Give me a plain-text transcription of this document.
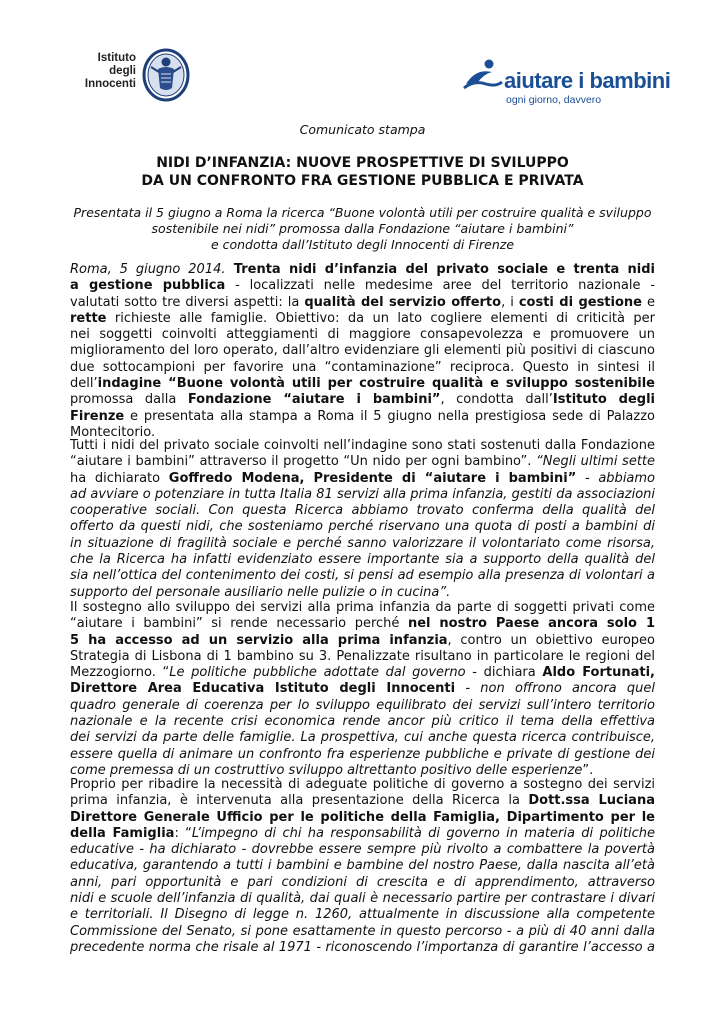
Istituto
degli
Innocenti	aiutare i bambini
ogni giorno, davvero
Comunicato stampa
NIDI D’INFANZIA: NUOVE PROSPETTIVE DI SVILUPPO
DA UN CONFRONTO FRA GESTIONE PUBBLICA E PRIVATA
Presentata il 5 giugno a Roma la ricerca “Buone volontà utili per costruire qualità e sviluppo
sostenibile nei nidi” promossa dalla Fondazione “aiutare i bambini”
e condotta dall’Istituto degli Innocenti di Firenze
Roma, 5 giugno 2014. Trenta nidi d’infanzia del privato sociale e trenta nidi
a gestione pubblica - localizzati nelle medesime aree del territorio nazionale -
valutati sotto tre diversi aspetti: la qualità del servizio offerto, i costi di gestione e
rette richieste alle famiglie. Obiettivo: da un lato cogliere elementi di criticità per
nei soggetti coinvolti atteggiamenti di maggiore consapevolezza e promuovere un
miglioramento del loro operato, dall’altro evidenziare gli elementi più positivi di ciascuno
due sottocampioni per favorire una “contaminazione” reciproca. Questo in sintesi il
dell’indagine “Buone volontà utili per costruire qualità e sviluppo sostenibile
promossa dalla Fondazione “aiutare i bambini”, condotta dall’Istituto degli
Firenze e presentata alla stampa a Roma il 5 giugno nella prestigiosa sede di Palazzo
Montecitorio.
Tutti i nidi del privato sociale coinvolti nell’indagine sono stati sostenuti dalla Fondazione
“aiutare i bambini” attraverso il progetto “Un nido per ogni bambino”. “Negli ultimi sette
ha dichiarato Goffredo Modena, Presidente di “aiutare i bambini” - abbiamo
ad avviare o potenziare in tutta Italia 81 servizi alla prima infanzia, gestiti da associazioni
cooperative sociali. Con questa Ricerca abbiamo trovato conferma della qualità del
offerto da questi nidi, che sosteniamo perché riservano una quota di posti a bambini di
in situazione di fragilità sociale e perché sanno valorizzare il volontariato come risorsa,
che la Ricerca ha infatti evidenziato essere importante sia a supporto della qualità del
sia nell’ottica del contenimento dei costi, si pensi ad esempio alla presenza di volontari a
supporto del personale ausiliario nelle pulizie o in cucina”.
Il sostegno allo sviluppo dei servizi alla prima infanzia da parte di soggetti privati come
“aiutare i bambini” si rende necessario perché nel nostro Paese ancora solo 1
5 ha accesso ad un servizio alla prima infanzia, contro un obiettivo europeo
Strategia di Lisbona di 1 bambino su 3. Penalizzate risultano in particolare le regioni del
Mezzogiorno. “Le politiche pubbliche adottate dal governo - dichiara Aldo Fortunati,
Direttore Area Educativa Istituto degli Innocenti - non offrono ancora quel
quadro generale di coerenza per lo sviluppo equilibrato dei servizi sull’intero territorio
nazionale e la recente crisi economica rende ancor più critico il tema della effettiva
dei servizi da parte delle famiglie. La prospettiva, cui anche questa ricerca contribuisce,
essere quella di animare un confronto fra esperienze pubbliche e private di gestione dei
come premessa di un costruttivo sviluppo altrettanto positivo delle esperienze”.
Proprio per ribadire la necessità di adeguate politiche di governo a sostegno dei servizi
prima infanzia, è intervenuta alla presentazione della Ricerca la Dott.ssa Luciana
Direttore Generale Ufficio per le politiche della Famiglia, Dipartimento per le
della Famiglia: “L’impegno di chi ha responsabilità di governo in materia di politiche
educative - ha dichiarato - dovrebbe essere sempre più rivolto a combattere la povertà
educativa, garantendo a tutti i bambini e bambine del nostro Paese, dalla nascita all’età
anni, pari opportunità e pari condizioni di crescita e di apprendimento, attraverso
nidi e scuole dell’infanzia di qualità, dai quali è necessario partire per contrastare i divari
e territoriali. Il Disegno di legge n. 1260, attualmente in discussione alla competente
Commissione del Senato, si pone esattamente in questo percorso - a più di 40 anni dalla
precedente norma che risale al 1971 - riconoscendo l’importanza di garantire l’accesso a
